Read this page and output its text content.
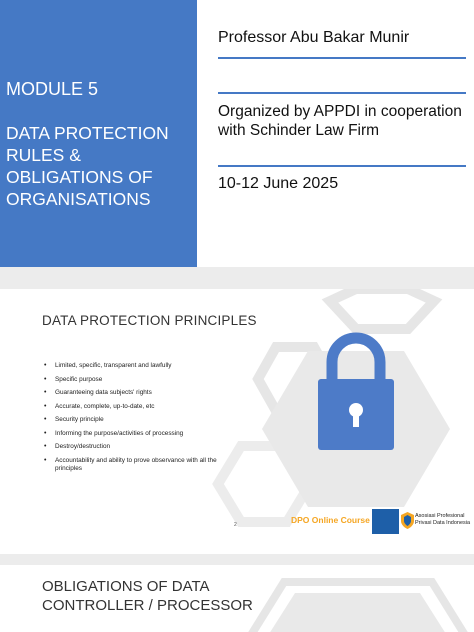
MODULE 5
DATA PROTECTION RULES & OBLIGATIONS OF ORGANISATIONS
Professor Abu Bakar Munir
Organized by APPDI in cooperation with Schinder Law Firm
10-12 June 2025
DATA PROTECTION PRINCIPLES
• Limited, specific, transparent and lawfully
• Specific purpose
• Guaranteeing data subjects' rights
• Accurate, complete, up-to-date, etc
• Security principle
• Informing the purpose/activities of processing
• Destroy/destruction
• Accountability and ability to prove observance with all the principles
2	DPO Online Course	Asosiasi Profesional
Privasi Data Indonesia
OBLIGATIONS OF DATA CONTROLLER / PROCESSOR
